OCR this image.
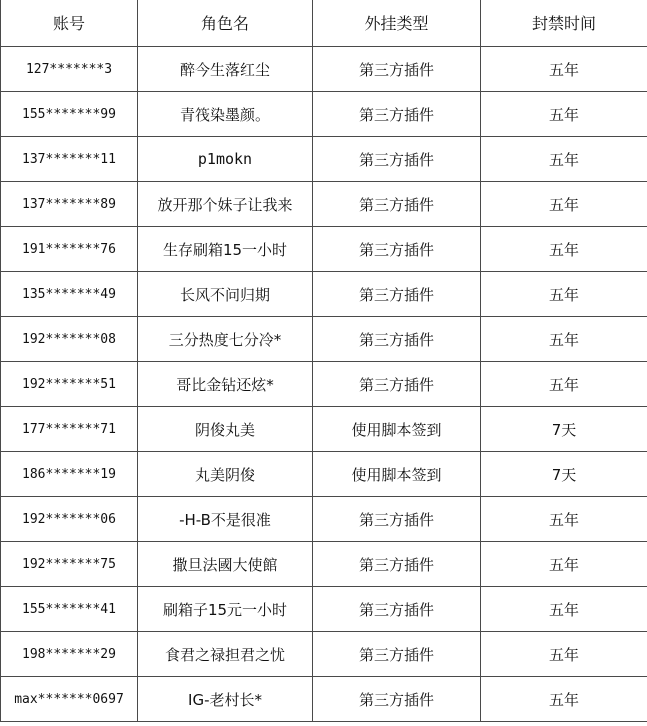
账号	角色名	外挂类型	封禁时间
127*******3	醉今生落红尘	第三方插件	五年
155*******99	青筏染墨颜。	第三方插件	五年
137*******11	p1mokn	第三方插件	五年
137*******89	放开那个妹子让我来	第三方插件	五年
191*******76	生存刷箱15一小时	第三方插件	五年
135*******49	长风不问归期	第三方插件	五年
192*******08	三分热度七分冷*	第三方插件	五年
192*******51	哥比金钻还炫*	第三方插件	五年
177*******71	阴俊丸美	使用脚本签到	7天
186*******19	丸美阴俊	使用脚本签到	7天
192*******06	-H-B不是很准	第三方插件	五年
192*******75	撒旦法國大使館	第三方插件	五年
155*******41	刷箱子15元一小时	第三方插件	五年
198*******29	食君之禄担君之忧	第三方插件	五年
max*******0697	IG-老村长*	第三方插件	五年
